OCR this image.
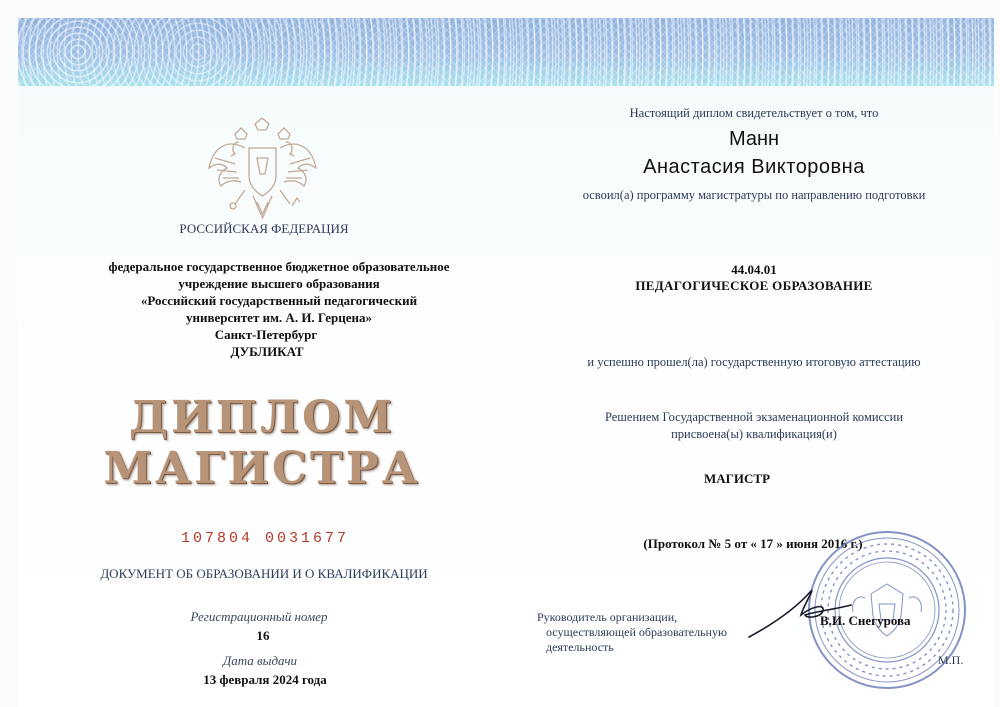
РОССИЙСКАЯ ФЕДЕРАЦИЯ
федеральное государственное бюджетное образовательное
учреждение высшего образования
«Российский государственный педагогический
университет им. А. И. Герцена»
Санкт-Петербург
ДУБЛИКАТ
ДИПЛОМ
МАГИСТРА
107804 0031677
ДОКУМЕНТ ОБ ОБРАЗОВАНИИ И О КВАЛИФИКАЦИИ
Регистрационный номер
16
Дата выдачи
13 февраля 2024 года
Настоящий диплом свидетельствует о том, что
Манн
Анастасия Викторовна
освоил(а) программу магистратуры по направлению подготовки
44.04.01
ПЕДАГОГИЧЕСКОЕ ОБРАЗОВАНИЕ
и успешно прошел(ла) государственную итоговую аттестацию
Решением Государственной экзаменационной комиссии
присвоена(ы) квалификация(и)
МАГИСТР
(Протокол № 5 от « 17 » июня 2016 г.)
Руководитель организации,
осуществляющей образовательную
деятельность
В.И. Снегурова
М.П.
